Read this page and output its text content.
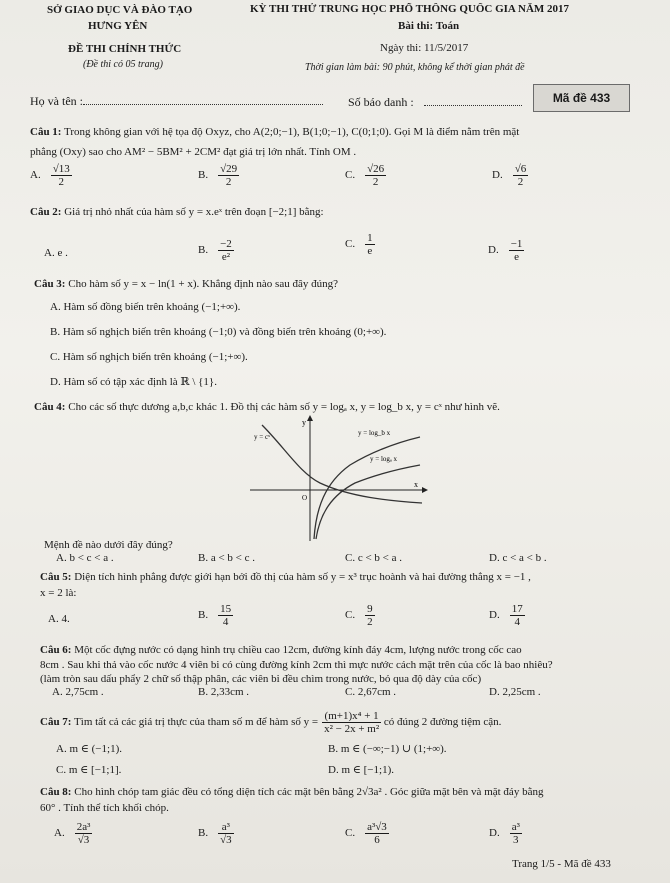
SỞ GIAO DỤC VÀ ĐÀO TẠO
HƯNG YÊN
ĐỀ THI CHÍNH THỨC
(Đề thi có 05 trang)
KỲ THI THỬ TRUNG HỌC PHỔ THÔNG QUỐC GIA NĂM 2017
Bài thi: Toán
Ngày thi: 11/5/2017
Thời gian làm bài: 90 phút, không kể thời gian phát đề
Họ và tên :	Số báo danh :	Mã đề 433
Câu 1: Trong không gian với hệ tọa độ Oxyz, cho A(2;0;−1), B(1;0;−1), C(0;1;0). Gọi M là điểm nằm trên mặt
phẳng (Oxy) sao cho AM² − 5BM² + 2CM² đạt giá trị lớn nhất. Tính OM .
A. $\frac{√13}{2}$	B. $\frac{√29}{2}$	C. $\frac{√26}{2}$	D. $\frac{√6}{2}$
Câu 2: Giá trị nhỏ nhất của hàm số y = x.eˣ trên đoạn [−2;1] bằng:
A. e .	B. $\frac{-2}{\text{e²}}$	C. $\frac{1}{e}$	D. $\frac{-1}{e}$
Câu 3: Cho hàm số y = x − ln(1 + x). Khẳng định nào sau đây đúng?
A. Hàm số đồng biến trên khoảng (−1;+∞).
B. Hàm số nghịch biến trên khoảng (−1;0) và đồng biến trên khoảng (0;+∞).
C. Hàm số nghịch biến trên khoảng (−1;+∞).
D. Hàm số có tập xác định là ℝ \ {1}.
Câu 4: Cho các số thực dương a,b,c khác 1. Đồ thị các hàm số y = logₐ x, y = log_b x, y = cˣ như hình vẽ.
y
x
O
y = cˣ	y = log_b x
y = logₐ x
Mệnh đề nào dưới đây đúng?
A. b < c < a .	B. a < b < c .	C. c < b < a .	D. c < a < b .
Câu 5: Diện tích hình phẳng được giới hạn bởi đồ thị của hàm số y = x³ trục hoành và hai đường thẳng x = −1 ,
x = 2 là:
A. 4.	B. $\frac{15}{4}$	C. $\frac{9}{2}$	D. $\frac{17}{4}$
Câu 6: Một cốc đựng nước có dạng hình trụ chiều cao 12cm, đường kính đáy 4cm, lượng nước trong cốc cao
8cm . Sau khi thả vào cốc nước 4 viên bi có cùng đường kính 2cm thì mực nước cách mặt trên của cốc là bao nhiêu?
(làm tròn sau dấu phẩy 2 chữ số thập phân, các viên bi đều chìm trong nước, bỏ qua độ dày của cốc)
A. 2,75cm .	B. 2,33cm .	C. 2,67cm .	D. 2,25cm .
Câu 7: Tìm tất cả các giá trị thực của tham số m để hàm số $y = \frac{\text{(m+1)x⁴ + 1}}{\text{x² − 2x + m²}}$ có đúng 2 đường tiệm cận.
A. m ∈ (−1;1).	B. m ∈ (−∞;−1) ∪ (1;+∞).
C. m ∈ [−1;1].	D. m ∈ [−1;1).
Câu 8: Cho hình chóp tam giác đều có tổng diện tích các mặt bên bằng 2√3a² . Góc giữa mặt bên và mặt đáy bằng
60° . Tính thể tích khối chóp.
A. $\frac{\text{2a³}}{√3}$	B. $\frac{\text{a³}}{√3}$	C. $\frac{\text{a³√3}}{6}$	D. $\frac{\text{a³}}{3}$
Trang 1/5 - Mã đề 433
